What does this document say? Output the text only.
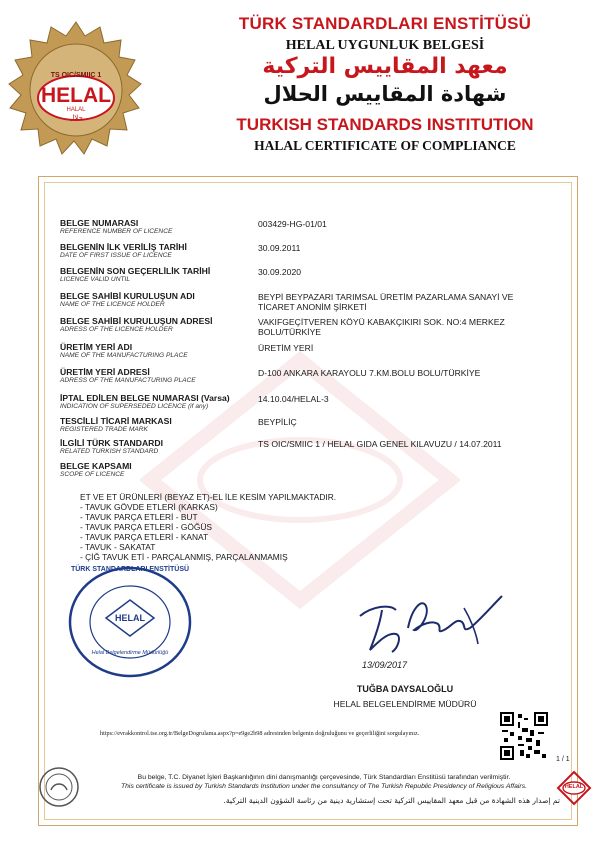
TS OIC/SMIIC 1
HELAL
HALAL
حلال
TÜRK STANDARDLARI ENSTİTÜSÜ
HELAL UYGUNLUK BELGESİ
معهد المقاييس التركية
شهادة المقاييس الحلال
TURKISH STANDARDS INSTITUTION
HALAL CERTIFICATE OF COMPLIANCE
BELGE NUMARASI
REFERENCE NUMBER OF LICENCE
003429-HG-01/01
BELGENİN İLK VERİLİŞ TARİHİ
DATE OF FIRST ISSUE OF LICENCE
30.09.2011
BELGENİN SON GEÇERLİLİK TARİHİ
LICENCE VALID UNTIL
30.09.2020
BELGE SAHİBİ KURULUŞUN ADI
NAME OF THE LICENCE HOLDER
BEYPİ BEYPAZARI TARIMSAL ÜRETİM PAZARLAMA SANAYİ VE TİCARET ANONİM ŞİRKETİ
BELGE SAHİBİ KURULUŞUN ADRESİ
ADRESS OF THE LICENCE HOLDER
VAKIFGEÇİTVEREN KÖYÜ KABAKÇIKIRI SOK. NO:4 MERKEZ BOLU/TÜRKİYE
ÜRETİM YERİ ADI
NAME OF THE MANUFACTURING PLACE
ÜRETİM YERİ
ÜRETİM YERİ ADRESİ
ADRESS OF THE MANUFACTURING PLACE
D-100 ANKARA KARAYOLU 7.KM.BOLU BOLU/TÜRKİYE
İPTAL EDİLEN BELGE NUMARASI (Varsa)
INDICATION OF SUPERSEDED LICENCE (if any)
14.10.04/HELAL-3
TESCİLLİ TİCARİ MARKASI
REGISTERED TRADE MARK
BEYPİLİÇ
İLGİLİ TÜRK STANDARDI
RELATED TURKISH STANDARD
TS OIC/SMIIC 1 / HELAL GIDA GENEL KILAVUZU / 14.07.2011
BELGE KAPSAMI
SCOPE OF LICENCE
ET VE ET ÜRÜNLERİ (BEYAZ ET)-EL İLE KESİM YAPILMAKTADIR.
- TAVUK GÖVDE ETLERİ (KARKAS)
- TAVUK PARÇA ETLERİ - BUT
- TAVUK PARÇA ETLERİ - GÖĞÜS
- TAVUK PARÇA ETLERİ - KANAT
- TAVUK - SAKATAT
- ÇİĞ TAVUK ETİ - PARÇALANMIŞ, PARÇALANMAMIŞ
TÜRK STANDARDLARI ENSTİTÜSÜ
Helal Belgelendirme Müdürlüğü
HELAL
13/09/2017
TUĞBA DAYSALOĞLU
HELAL BELGELENDİRME MÜDÜRÜ
https://evrakkontrol.tse.org.tr/BelgeDogrulama.aspx?p=e9ge2b98 adresinden belgenin doğruluğunu ve geçerliliğini sorgulayınız.
1 / 1
HELAL
Bu belge, T.C. Diyanet İşleri Başkanlığının dini danışmanlığı çerçevesinde, Türk Standardları Enstitüsü tarafından verilmiştir.
This certificate is issued by Turkish Standards Institution under the consultancy of The Turkish Republic Presidency of Religious Affairs.
تم إصدار هذه الشهادة من قبل معهد المقاييس التركية تحت إستشارية دينية من رئاسة الشؤون الدينية التركية.
